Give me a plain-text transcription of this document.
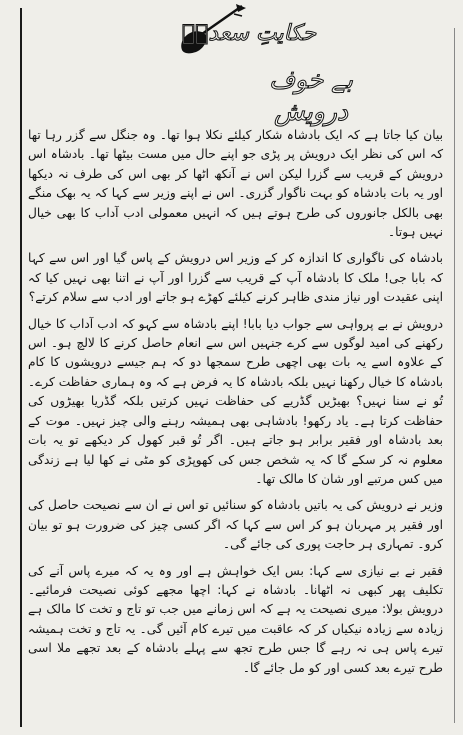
حکایتِ سعدیؒ
بے خوف درویش

بیان کیا جاتا ہے کہ ایک بادشاہ شکار کیلئے نکلا ہوا تھا۔ وہ جنگل سے گزر رہا تھا کہ اس کی نظر ایک درویش پر پڑی جو اپنے حال میں مست بیٹھا تھا۔ بادشاہ اس درویش کے قریب سے گزرا لیکن اس نے آنکھ اٹھا کر بھی اس کی طرف نہ دیکھا اور یہ بات بادشاہ کو بہت ناگوار گزری۔ اس نے اپنے وزیر سے کہا کہ یہ بھک منگے بھی بالکل جانوروں کی طرح ہوتے ہیں کہ انہیں معمولی ادب آداب کا بھی خیال نہیں ہوتا۔

بادشاہ کی ناگواری کا اندازہ کر کے وزیر اس درویش کے پاس گیا اور اس سے کہا کہ بابا جی! ملک کا بادشاہ آپ کے قریب سے گزرا اور آپ نے اتنا بھی نہیں کیا کہ اپنی عقیدت اور نیاز مندی ظاہر کرنے کیلئے کھڑے ہو جاتے اور ادب سے سلام کرتے؟

درویش نے بے پرواہی سے جواب دیا بابا! اپنے بادشاہ سے کہو کہ ادب آداب کا خیال رکھنے کی امید لوگوں سے کرے جنہیں اس سے انعام حاصل کرنے کا لالچ ہو۔ اس کے علاوہ اسے یہ بات بھی اچھی طرح سمجھا دو کہ ہم جیسے درویشوں کا کام بادشاہ کا خیال رکھنا نہیں بلکہ بادشاہ کا یہ فرض ہے کہ وہ ہماری حفاظت کرے۔ تُو نے سنا نہیں؟ بھیڑیں گڈریے کی حفاظت نہیں کرتیں بلکہ گڈریا بھیڑوں کی حفاظت کرتا ہے۔ یاد رکھو! بادشاہی بھی ہمیشہ رہنے والی چیز نہیں۔ موت کے بعد بادشاہ اور فقیر برابر ہو جاتے ہیں۔ اگر تُو قبر کھول کر دیکھے تو یہ بات معلوم نہ کر سکے گا کہ یہ شخص جس کی کھوپڑی کو مٹی نے کھا لیا ہے زندگی میں کس مرتبے اور شان کا مالک تھا۔

وزیر نے درویش کی یہ باتیں بادشاہ کو سنائیں تو اس نے ان سے نصیحت حاصل کی اور فقیر پر مہربان ہو کر اس سے کہا کہ اگر کسی چیز کی ضرورت ہو تو بیان کرو۔ تمہاری ہر حاجت پوری کی جائے گی۔

فقیر نے بے نیازی سے کہا: بس ایک خواہش ہے اور وہ یہ کہ میرے پاس آنے کی تکلیف پھر کبھی نہ اٹھانا۔ بادشاہ نے کہا: اچھا مجھے کوئی نصیحت فرمائیے۔ درویش بولا: میری نصیحت یہ ہے کہ اس زمانے میں جب تو تاج و تخت کا مالک ہے زیادہ سے زیادہ نیکیاں کر کہ عاقبت میں تیرے کام آئیں گی۔ یہ تاج و تخت ہمیشہ تیرے پاس ہی نہ رہے گا جس طرح تجھ سے پہلے بادشاہ کے بعد تجھے ملا اسی طرح تیرے بعد کسی اور کو مل جائے گا۔
